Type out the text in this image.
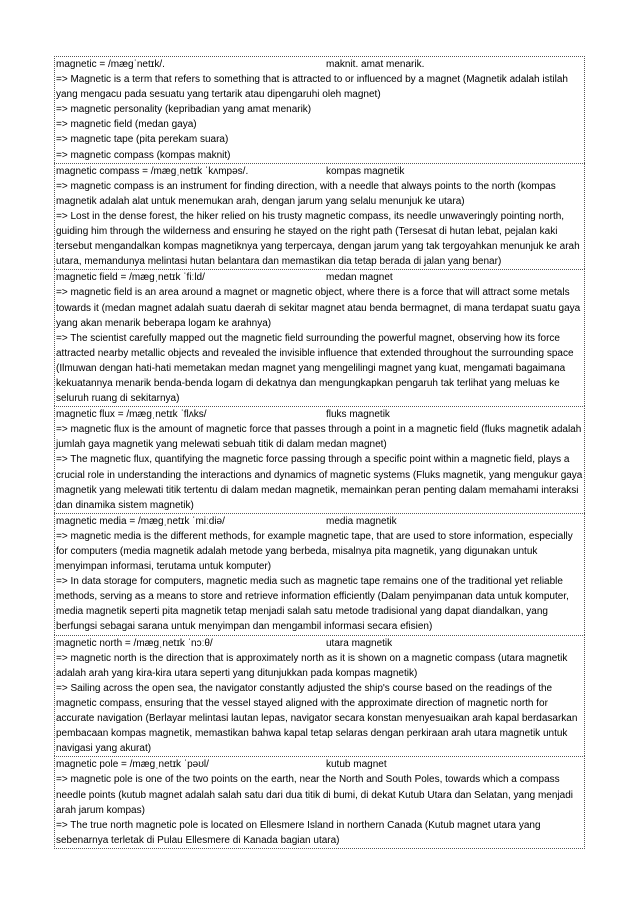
magnetic = /mæɡˈnetɪk/.	maknit. amat menarik.
=> Magnetic is a term that refers to something that is attracted to or influenced by a magnet (Magnetik adalah istilah yang mengacu pada sesuatu yang tertarik atau dipengaruhi oleh magnet)
=> magnetic personality (kepribadian yang amat menarik)
=> magnetic field (medan gaya)
=> magnetic tape (pita perekam suara)
=> magnetic compass (kompas maknit)
magnetic compass = /mæɡˌnetɪk ˈkʌmpəs/.	kompas magnetik
=> magnetic compass is an instrument for finding direction, with a needle that always points to the north (kompas magnetik adalah alat untuk menemukan arah, dengan jarum yang selalu menunjuk ke utara)
=> Lost in the dense forest, the hiker relied on his trusty magnetic compass, its needle unwaveringly pointing north, guiding him through the wilderness and ensuring he stayed on the right path (Tersesat di hutan lebat, pejalan kaki tersebut mengandalkan kompas magnetiknya yang terpercaya, dengan jarum yang tak tergoyahkan menunjuk ke arah utara, memandunya melintasi hutan belantara dan memastikan dia tetap berada di jalan yang benar)
magnetic field = /mæɡˌnetɪk ˈfiːld/	medan magnet
=> magnetic field is an area around a magnet or magnetic object, where there is a force that will attract some metals towards it (medan magnet adalah suatu daerah di sekitar magnet atau benda bermagnet, di mana terdapat suatu gaya yang akan menarik beberapa logam ke arahnya)
=> The scientist carefully mapped out the magnetic field surrounding the powerful magnet, observing how its force attracted nearby metallic objects and revealed the invisible influence that extended throughout the surrounding space (Ilmuwan dengan hati-hati memetakan medan magnet yang mengelilingi magnet yang kuat, mengamati bagaimana kekuatannya menarik benda-benda logam di dekatnya dan mengungkapkan pengaruh tak terlihat yang meluas ke seluruh ruang di sekitarnya)
magnetic flux = /mæɡˌnetɪk ˈflʌks/	fluks magnetik
=> magnetic flux is the amount of magnetic force that passes through a point in a magnetic field (fluks magnetik adalah jumlah gaya magnetik yang melewati sebuah titik di dalam medan magnet)
=> The magnetic flux, quantifying the magnetic force passing through a specific point within a magnetic field, plays a crucial role in understanding the interactions and dynamics of magnetic systems (Fluks magnetik, yang mengukur gaya magnetik yang melewati titik tertentu di dalam medan magnetik, memainkan peran penting dalam memahami interaksi dan dinamika sistem magnetik)
magnetic media = /mæɡˌnetɪk ˈmiːdiə/	media magnetik
=> magnetic media is the different methods, for example magnetic tape, that are used to store information, especially for computers (media magnetik adalah metode yang berbeda, misalnya pita magnetik, yang digunakan untuk menyimpan informasi, terutama untuk komputer)
=> In data storage for computers, magnetic media such as magnetic tape remains one of the traditional yet reliable methods, serving as a means to store and retrieve information efficiently (Dalam penyimpanan data untuk komputer, media magnetik seperti pita magnetik tetap menjadi salah satu metode tradisional yang dapat diandalkan, yang berfungsi sebagai sarana untuk menyimpan dan mengambil informasi secara efisien)
magnetic north = /mæɡˌnetɪk ˈnɔːθ/	utara magnetik
=> magnetic north is the direction that is approximately north as it is shown on a magnetic compass (utara magnetik adalah arah yang kira-kira utara seperti yang ditunjukkan pada kompas magnetik)
=> Sailing across the open sea, the navigator constantly adjusted the ship's course based on the readings of the magnetic compass, ensuring that the vessel stayed aligned with the approximate direction of magnetic north for accurate navigation (Berlayar melintasi lautan lepas, navigator secara konstan menyesuaikan arah kapal berdasarkan pembacaan kompas magnetik, memastikan bahwa kapal tetap selaras dengan perkiraan arah utara magnetik untuk navigasi yang akurat)
magnetic pole = /mæɡˌnetɪk ˈpəʊl/	kutub magnet
=> magnetic pole is one of the two points on the earth, near the North and South Poles, towards which a compass needle points (kutub magnet adalah salah satu dari dua titik di bumi, di dekat Kutub Utara dan Selatan, yang menjadi arah jarum kompas)
=> The true north magnetic pole is located on Ellesmere Island in northern Canada (Kutub magnet utara yang sebenarnya terletak di Pulau Ellesmere di Kanada bagian utara)
